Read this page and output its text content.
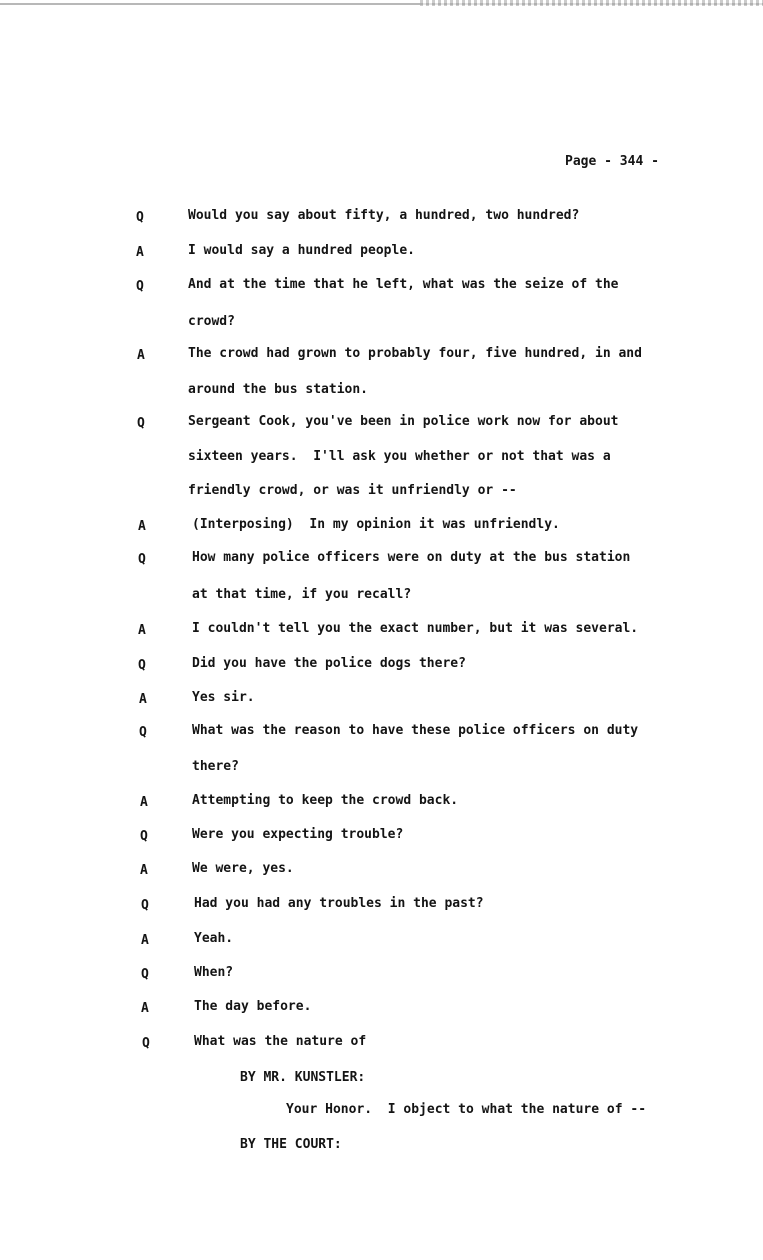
Page - 344 -
Q	Would you say about fifty, a hundred, two hundred?
A	I would say a hundred people.
Q	And at the time that he left, what was the seize of the
crowd?
A	The crowd had grown to probably four, five hundred, in and
around the bus station.
Q	Sergeant Cook, you've been in police work now for about
sixteen years.  I'll ask you whether or not that was a
friendly crowd, or was it unfriendly or --
A	(Interposing)  In my opinion it was unfriendly.
Q	How many police officers were on duty at the bus station
at that time, if you recall?
A	I couldn't tell you the exact number, but it was several.
Q	Did you have the police dogs there?
A	Yes sir.
Q	What was the reason to have these police officers on duty
there?
A	Attempting to keep the crowd back.
Q	Were you expecting trouble?
A	We were, yes.
Q	Had you had any troubles in the past?
A	Yeah.
Q	When?
A	The day before.
Q	What was the nature of
BY MR. KUNSTLER:
Your Honor.  I object to what the nature of --
BY THE COURT:
